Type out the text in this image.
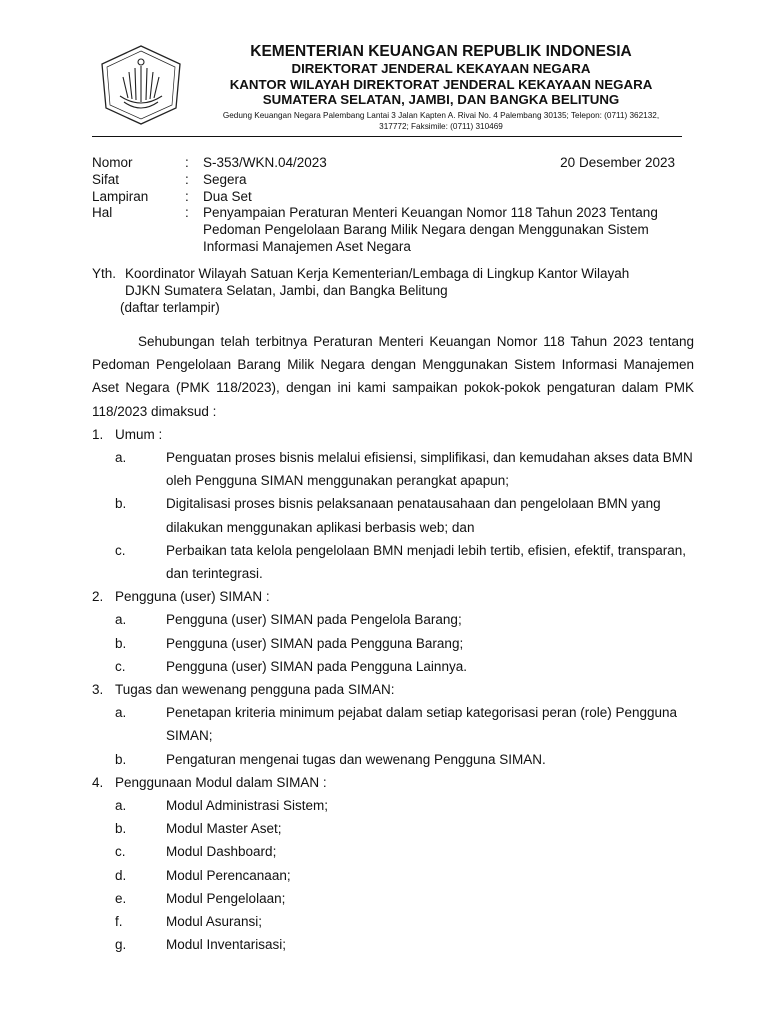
KEMENTERIAN KEUANGAN REPUBLIK INDONESIA
DIREKTORAT JENDERAL KEKAYAAN NEGARA
KANTOR WILAYAH DIREKTORAT JENDERAL KEKAYAAN NEGARA
SUMATERA SELATAN, JAMBI, DAN BANGKA BELITUNG
Gedung Keuangan Negara Palembang Lantai 3 Jalan Kapten A. Rivai No. 4 Palembang 30135; Telepon: (0711) 362132,
317772; Faksimile: (0711) 310469
Nomor	: S-353/WKN.04/2023	20 Desember 2023
Sifat	: Segera
Lampiran	: Dua Set
Hal	: Penyampaian Peraturan Menteri Keuangan Nomor 118 Tahun 2023 Tentang Pedoman Pengelolaan Barang Milik Negara dengan Menggunakan Sistem Informasi Manajemen Aset Negara
Yth. Koordinator Wilayah Satuan Kerja Kementerian/Lembaga di Lingkup Kantor Wilayah
DJKN Sumatera Selatan, Jambi, dan Bangka Belitung
(daftar terlampir)

Sehubungan telah terbitnya Peraturan Menteri Keuangan Nomor 118 Tahun 2023 tentang Pedoman Pengelolaan Barang Milik Negara dengan Menggunakan Sistem Informasi Manajemen Aset Negara (PMK 118/2023), dengan ini kami sampaikan pokok-pokok pengaturan dalam PMK 118/2023 dimaksud :

1. Umum :
a.	Penguatan proses bisnis melalui efisiensi, simplifikasi, dan kemudahan akses data BMN oleh Pengguna SIMAN menggunakan perangkat apapun;
b.	Digitalisasi proses bisnis pelaksanaan penatausahaan dan pengelolaan BMN yang dilakukan menggunakan aplikasi berbasis web; dan
c.	Perbaikan tata kelola pengelolaan BMN menjadi lebih tertib, efisien, efektif, transparan, dan terintegrasi.
2. Pengguna (user) SIMAN :
a.	Pengguna (user) SIMAN pada Pengelola Barang;
b.	Pengguna (user) SIMAN pada Pengguna Barang;
c.	Pengguna (user) SIMAN pada Pengguna Lainnya.
3. Tugas dan wewenang pengguna pada SIMAN:
a.	Penetapan kriteria minimum pejabat dalam setiap kategorisasi peran (role) Pengguna SIMAN;
b.	Pengaturan mengenai tugas dan wewenang Pengguna SIMAN.
4. Penggunaan Modul dalam SIMAN :
a.	Modul Administrasi Sistem;
b.	Modul Master Aset;
c.	Modul Dashboard;
d.	Modul Perencanaan;
e.	Modul Pengelolaan;
f.	Modul Asuransi;
g.	Modul Inventarisasi;
